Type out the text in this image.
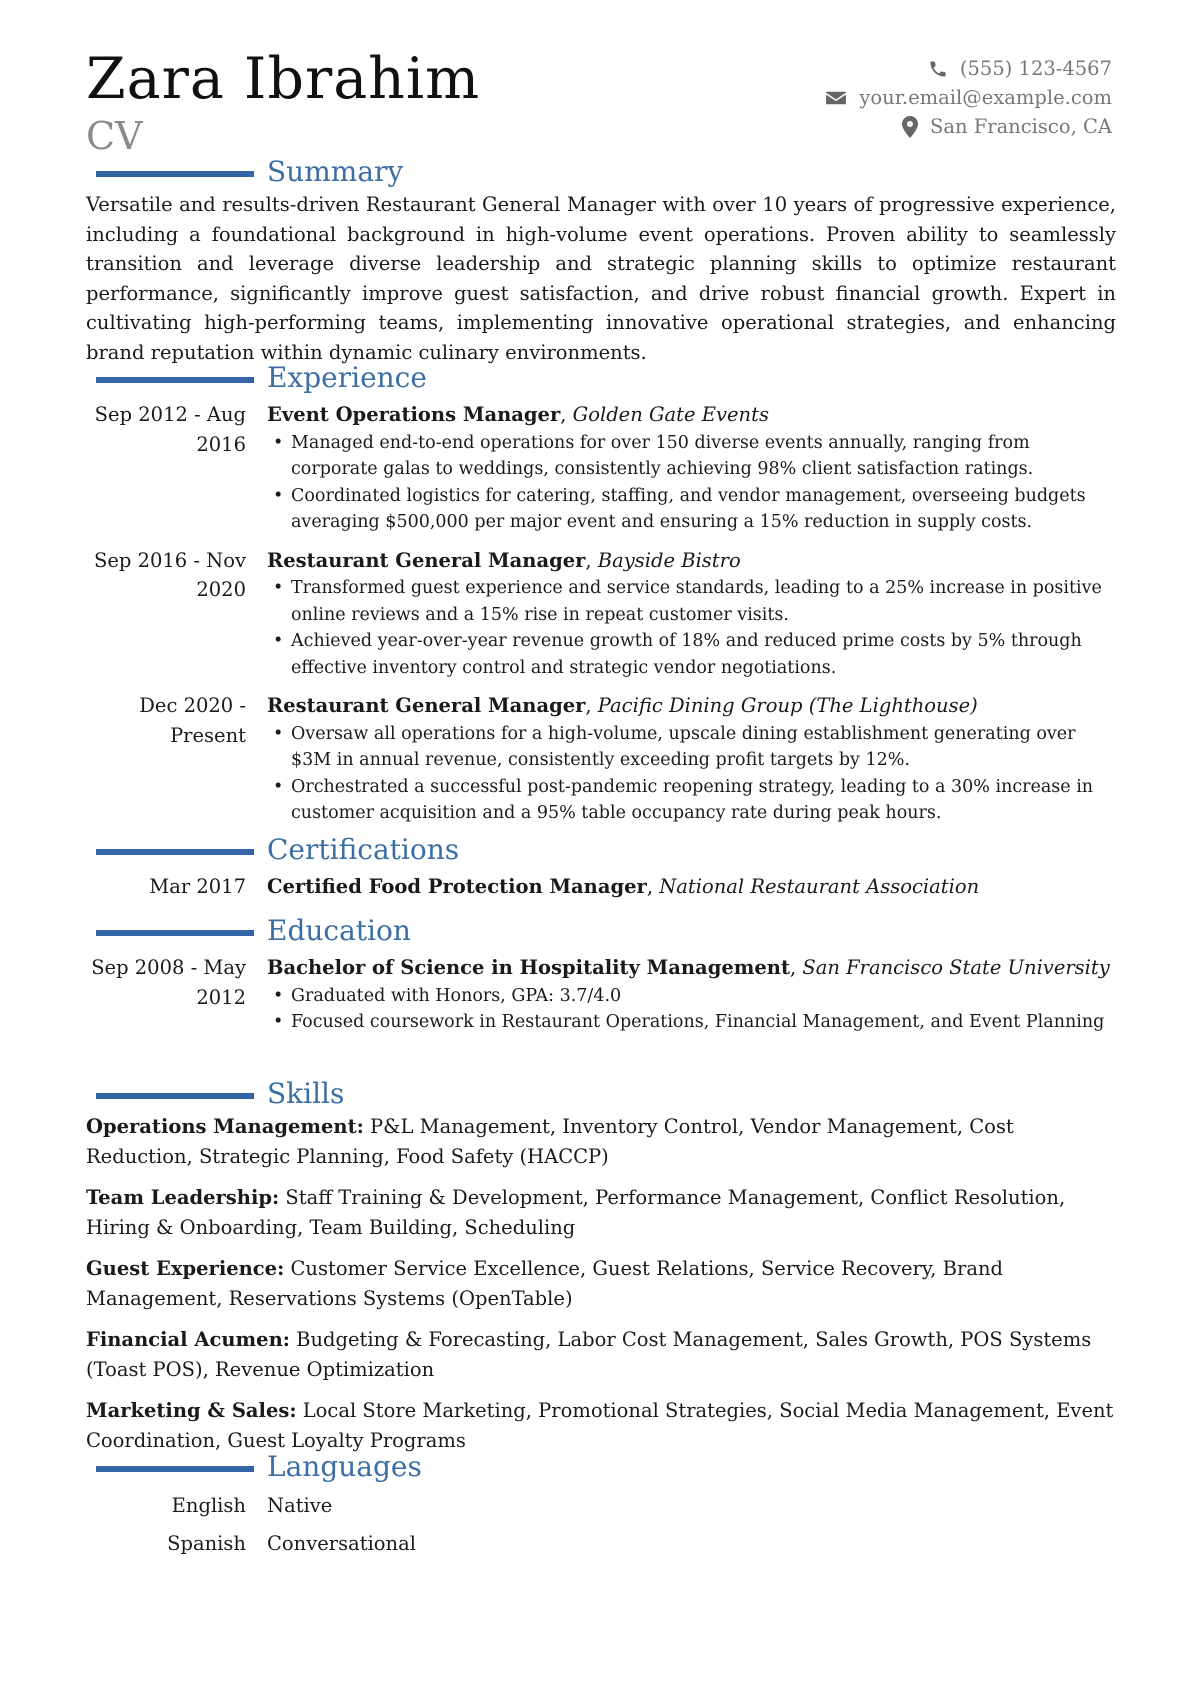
Zara Ibrahim
CV
(555) 123-4567
your.email@example.com
San Francisco, CA
Summary
Versatile and results-driven Restaurant General Manager with over 10 years of progressive experience, including a foundational background in high-volume event operations. Proven ability to seamlessly transition and leverage diverse leadership and strategic planning skills to optimize restaurant performance, significantly improve guest satisfaction, and drive robust financial growth. Expert in cultivating high-performing teams, implementing innovative operational strategies, and enhancing brand reputation within dynamic culinary environments.
Experience
Sep 2012 - Aug 2016
Event Operations Manager, Golden Gate Events
• Managed end-to-end operations for over 150 diverse events annually, ranging from corporate galas to weddings, consistently achieving 98% client satisfaction ratings.
• Coordinated logistics for catering, staffing, and vendor management, overseeing budgets averaging $500,000 per major event and ensuring a 15% reduction in supply costs.
Sep 2016 - Nov 2020
Restaurant General Manager, Bayside Bistro
• Transformed guest experience and service standards, leading to a 25% increase in positive online reviews and a 15% rise in repeat customer visits.
• Achieved year-over-year revenue growth of 18% and reduced prime costs by 5% through effective inventory control and strategic vendor negotiations.
Dec 2020 - Present
Restaurant General Manager, Pacific Dining Group (The Lighthouse)
• Oversaw all operations for a high-volume, upscale dining establishment generating over $3M in annual revenue, consistently exceeding profit targets by 12%.
• Orchestrated a successful post-pandemic reopening strategy, leading to a 30% increase in customer acquisition and a 95% table occupancy rate during peak hours.
Certifications
Mar 2017 Certified Food Protection Manager, National Restaurant Association
Education
Sep 2008 - May 2012
Bachelor of Science in Hospitality Management, San Francisco State University
• Graduated with Honors, GPA: 3.7/4.0
• Focused coursework in Restaurant Operations, Financial Management, and Event Planning
Skills
Operations Management: P&L Management, Inventory Control, Vendor Management, Cost Reduction, Strategic Planning, Food Safety (HACCP)
Team Leadership: Staff Training & Development, Performance Management, Conflict Resolution, Hiring & Onboarding, Team Building, Scheduling
Guest Experience: Customer Service Excellence, Guest Relations, Service Recovery, Brand Management, Reservations Systems (OpenTable)
Financial Acumen: Budgeting & Forecasting, Labor Cost Management, Sales Growth, POS Systems (Toast POS), Revenue Optimization
Marketing & Sales: Local Store Marketing, Promotional Strategies, Social Media Management, Event Coordination, Guest Loyalty Programs
Languages
English Native
Spanish Conversational
